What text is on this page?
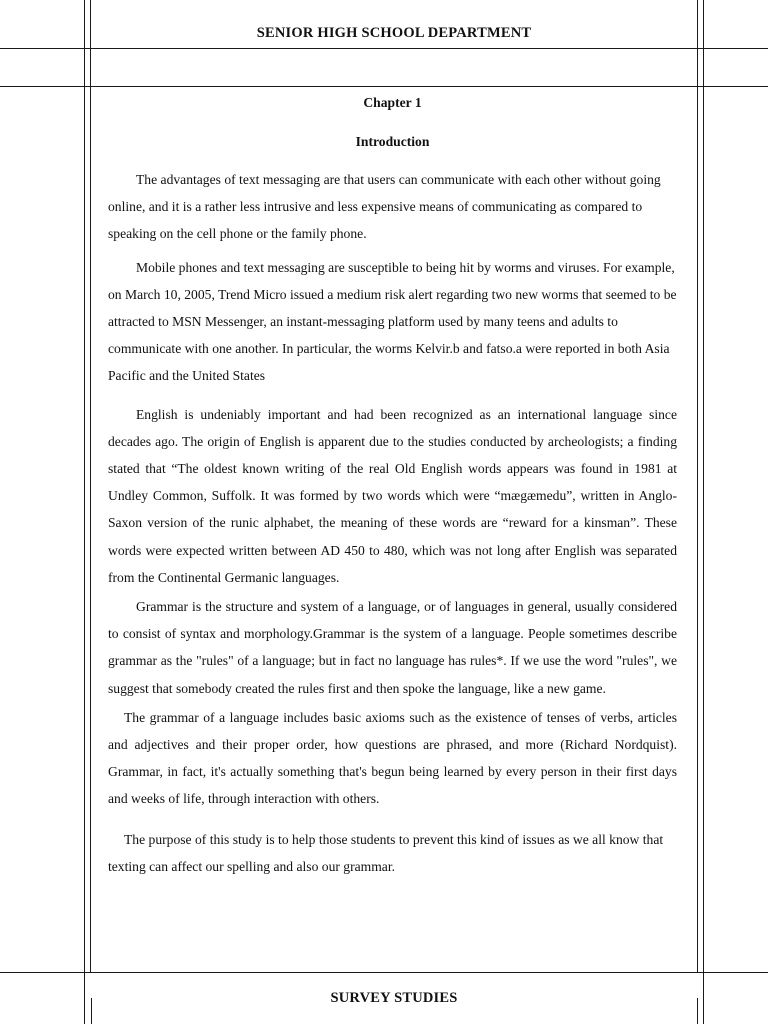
SENIOR HIGH SCHOOL DEPARTMENT
Chapter 1
Introduction

The advantages of text messaging are that users can communicate with each other without going online, and it is a rather less intrusive and less expensive means of communicating as compared to speaking on the cell phone or the family phone.

Mobile phones and text messaging are susceptible to being hit by worms and viruses. For example, on March 10, 2005, Trend Micro issued a medium risk alert regarding two new worms that seemed to be attracted to MSN Messenger, an instant-messaging platform used by many teens and adults to communicate with one another. In particular, the worms Kelvir.b and fatso.a were reported in both Asia Pacific and the United States

English is undeniably important and had been recognized as an international language since decades ago. The origin of English is apparent due to the studies conducted by archeologists; a finding stated that “The oldest known writing of the real Old English words appears was found in 1981 at Undley Common, Suffolk. It was formed by two words which were “mægæmedu”, written in Anglo-Saxon version of the runic alphabet, the meaning of these words are “reward for a kinsman”. These words were expected written between AD 450 to 480, which was not long after English was separated from the Continental Germanic languages.

Grammar is the structure and system of a language, or of languages in general, usually considered to consist of syntax and morphology.Grammar is the system of a language. People sometimes describe grammar as the "rules" of a language; but in fact no language has rules*. If we use the word "rules", we suggest that somebody created the rules first and then spoke the language, like a new game.

The grammar of a language includes basic axioms such as the existence of tenses of verbs, articles and adjectives and their proper order, how questions are phrased, and more (Richard Nordquist). Grammar, in fact, it's actually something that's begun being learned by every person in their first days and weeks of life, through interaction with others.

The purpose of this study is to help those students to prevent this kind of issues as we all know that texting can affect our spelling and also our grammar.

SURVEY STUDIES
